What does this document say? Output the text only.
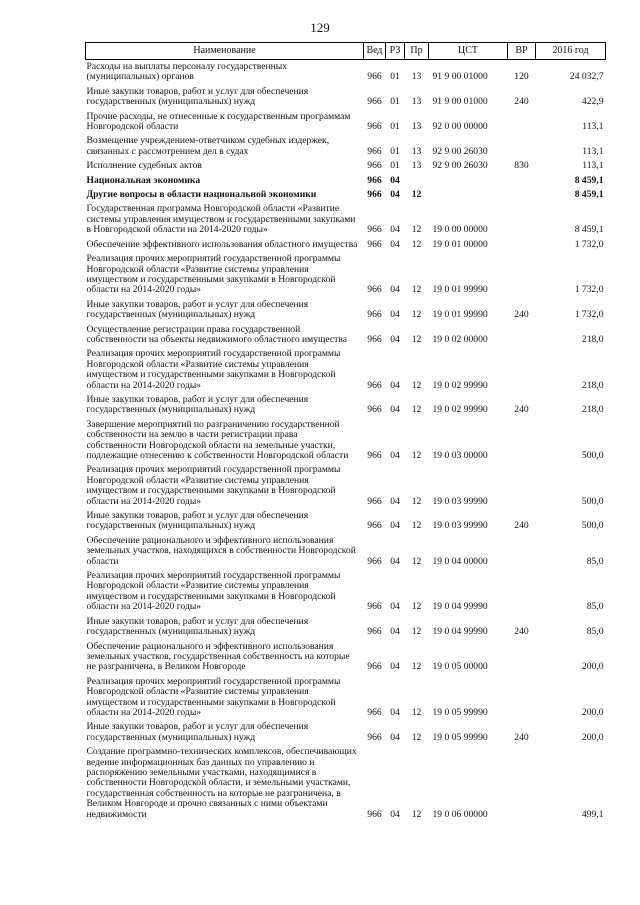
129
Наименование	Вед	РЗ	Пр	ЦСТ	ВР	2016 год
Расходы на выплаты персоналу государственных (муниципальных) органов	966	01	13	91 9 00 01000	120	24 032,7
Иные закупки товаров, работ и услуг для обеспечения государственных (муниципальных) нужд	966	01	13	91 9 00 01000	240	422,9
Прочие расходы, не отнесенные к государственным программам Новгородской области	966	01	13	92 0 00 00000		113,1
Возмещение учреждением-ответчиком судебных издержек, связанных с рассмотрением дел в судах	966	01	13	92 9 00 26030		113,1
Исполнение судебных актов	966	01	13	92 9 00 26030	830	113,1
Национальная экономика	966	04				8 459,1
Другие вопросы в области национальной экономики	966	04	12			8 459,1
Государственная программа Новгородской области «Развитие системы управления имуществом и государственными закупками в Новгородской области на 2014-2020 годы»	966	04	12	19 0 00 00000		8 459,1
Обеспечение эффективного использования областного имущества	966	04	12	19 0 01 00000		1 732,0
Реализация прочих мероприятий государственной программы Новгородской области «Развитие системы управления имуществом и государственными закупками в Новгородской области на 2014-2020 годы»	966	04	12	19 0 01 99990		1 732,0
Иные закупки товаров, работ и услуг для обеспечения государственных (муниципальных) нужд	966	04	12	19 0 01 99990	240	1 732,0
Осуществление регистрации права государственной собственности на объекты недвижимого областного имущества	966	04	12	19 0 02 00000		218,0
Реализация прочих мероприятий государственной программы Новгородской области «Развитие системы управления имуществом и государственными закупками в Новгородской области на 2014-2020 годы»	966	04	12	19 0 02 99990		218,0
Иные закупки товаров, работ и услуг для обеспечения государственных (муниципальных) нужд	966	04	12	19 0 02 99990	240	218,0
Завершение мероприятий по разграничению государственной собственности на землю в части регистрации права собственности Новгородской области на земельные участки, подлежащие отнесению к собственности Новгородской области	966	04	12	19 0 03 00000		500,0
Реализация прочих мероприятий государственной программы Новгородской области «Развитие системы управления имуществом и государственными закупками в Новгородской области на 2014-2020 годы»	966	04	12	19 0 03 99990		500,0
Иные закупки товаров, работ и услуг для обеспечения государственных (муниципальных) нужд	966	04	12	19 0 03 99990	240	500,0
Обеспечение рационального и эффективного использования земельных участков, находящихся в собственности Новгородской области	966	04	12	19 0 04 00000		85,0
Реализация прочих мероприятий государственной программы Новгородской области «Развитие системы управления имуществом и государственными закупками в Новгородской области на 2014-2020 годы»	966	04	12	19 0 04 99990		85,0
Иные закупки товаров, работ и услуг для обеспечения государственных (муниципальных) нужд	966	04	12	19 0 04 99990	240	85,0
Обеспечение рационального и эффективного использования земельных участков, государственная собственность на которые не разграничена, в Великом Новгороде	966	04	12	19 0 05 00000		200,0
Реализация прочих мероприятий государственной программы Новгородской области «Развитие системы управления имуществом и государственными закупками в Новгородской области на 2014-2020 годы»	966	04	12	19 0 05 99990		200,0
Иные закупки товаров, работ и услуг для обеспечения государственных (муниципальных) нужд	966	04	12	19 0 05 99990	240	200,0
Создание программно-технических комплексов, обеспечивающих ведение информационных баз данных по управлению и распоряжению земельными участками, находящимися в собственности Новгородской области, и земельными участками, государственная собственность на которые не разграничена, в Великом Новгороде и прочно связанных с ними объектами недвижимости	966	04	12	19 0 06 00000		499,1
